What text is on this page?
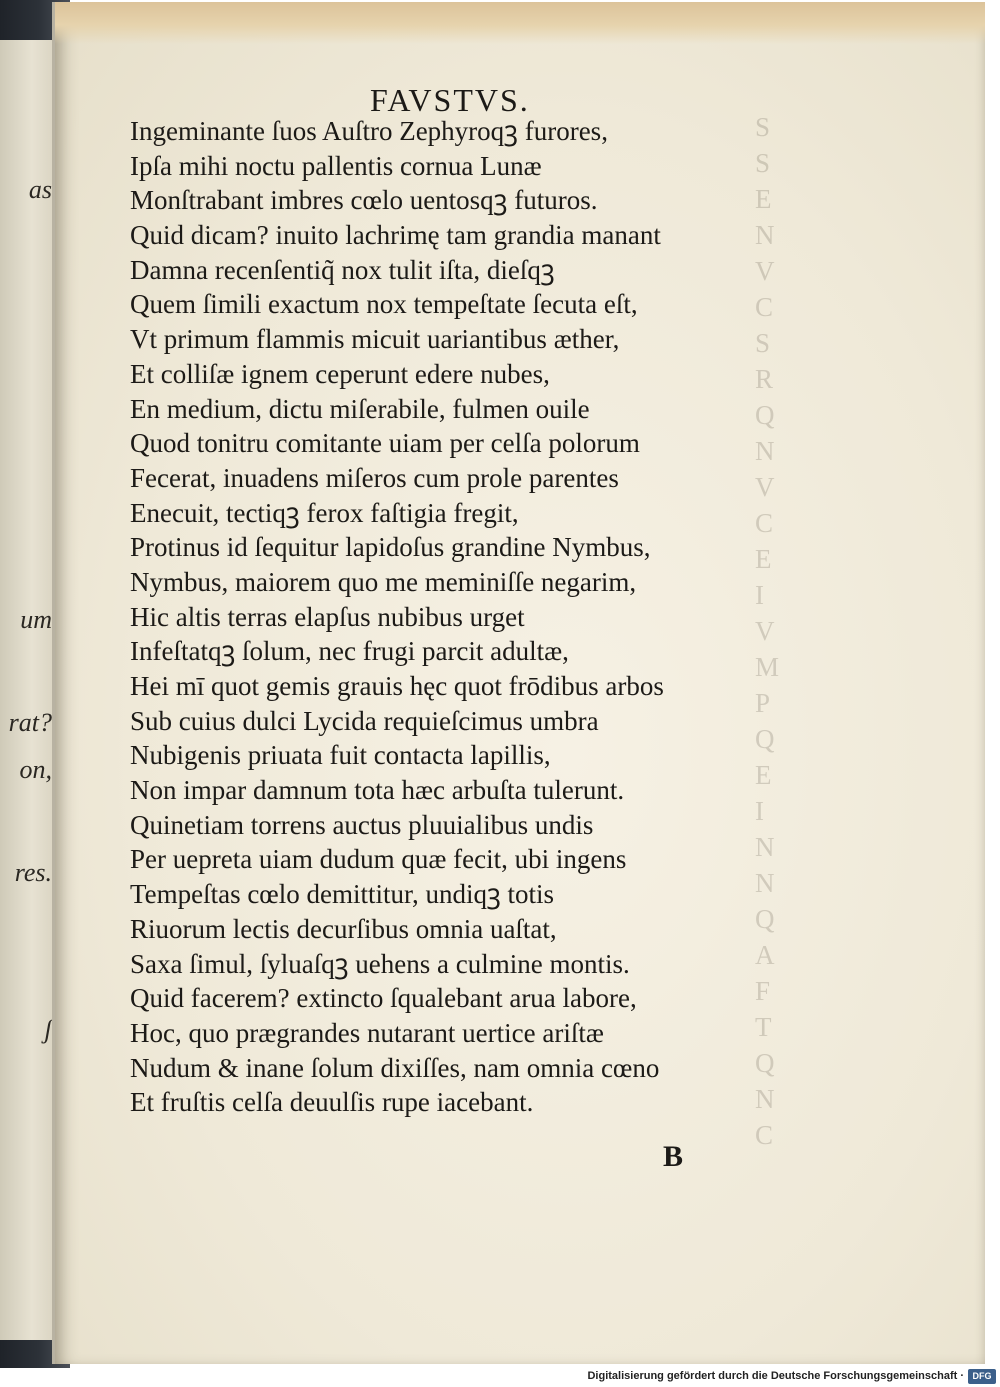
as
um
rat?
on,
res.
ʃ
S
S
E
N
V
C
S
R
Q
N
V
C
E
I
V
M
P
Q
E
I
N
N
Q
A
F
T
Q
N
C
FAVSTVS.
Ingeminante ſuos Auſtro Zephyroqꝫ furores,
Ipſa mihi noctu pallentis cornua Lunæ
Monſtrabant imbres cœlo uentosqꝫ futuros.
Quid dicam? inuito lachrimę tam grandia manant
Damna recenſentiq̃ nox tulit iſta, dieſqꝫ
Quem ſimili exactum nox tempeſtate ſecuta eſt,
Vt primum flammis micuit uariantibus æther,
Et colliſæ ignem ceperunt edere nubes,
En medium, dictu miſerabile, fulmen ouile
Quod tonitru comitante uiam per celſa polorum
Fecerat, inuadens miſeros cum prole parentes
Enecuit, tectiqꝫ ferox faſtigia fregit,
Protinus id ſequitur lapidoſus grandine Nymbus,
Nymbus, maiorem quo me meminiſſe negarim,
Hic altis terras elapſus nubibus urget
Infeſtatqꝫ ſolum, nec frugi parcit adultæ,
Hei mī quot gemis grauis hęc quot frōdibus arbos
Sub cuius dulci Lycida requieſcimus umbra
Nubigenis priuata fuit contacta lapillis,
Non impar damnum tota hæc arbuſta tulerunt.
Quinetiam torrens auctus pluuialibus undis
Per uepreta uiam dudum quæ fecit, ubi ingens
Tempeſtas cœlo demittitur, undiqꝫ totis
Riuorum lectis decurſibus omnia uaſtat,
Saxa ſimul, ſyluaſqꝫ uehens a culmine montis.
Quid facerem? extincto ſqualebant arua labore,
Hoc, quo prægrandes nutarant uertice ariſtæ
Nudum & inane ſolum dixiſſes, nam omnia cœno
Et fruſtis celſa deuulſis rupe iacebant.
B
Digitalisierung gefördert durch die Deutsche Forschungsgemeinschaft · DFG
